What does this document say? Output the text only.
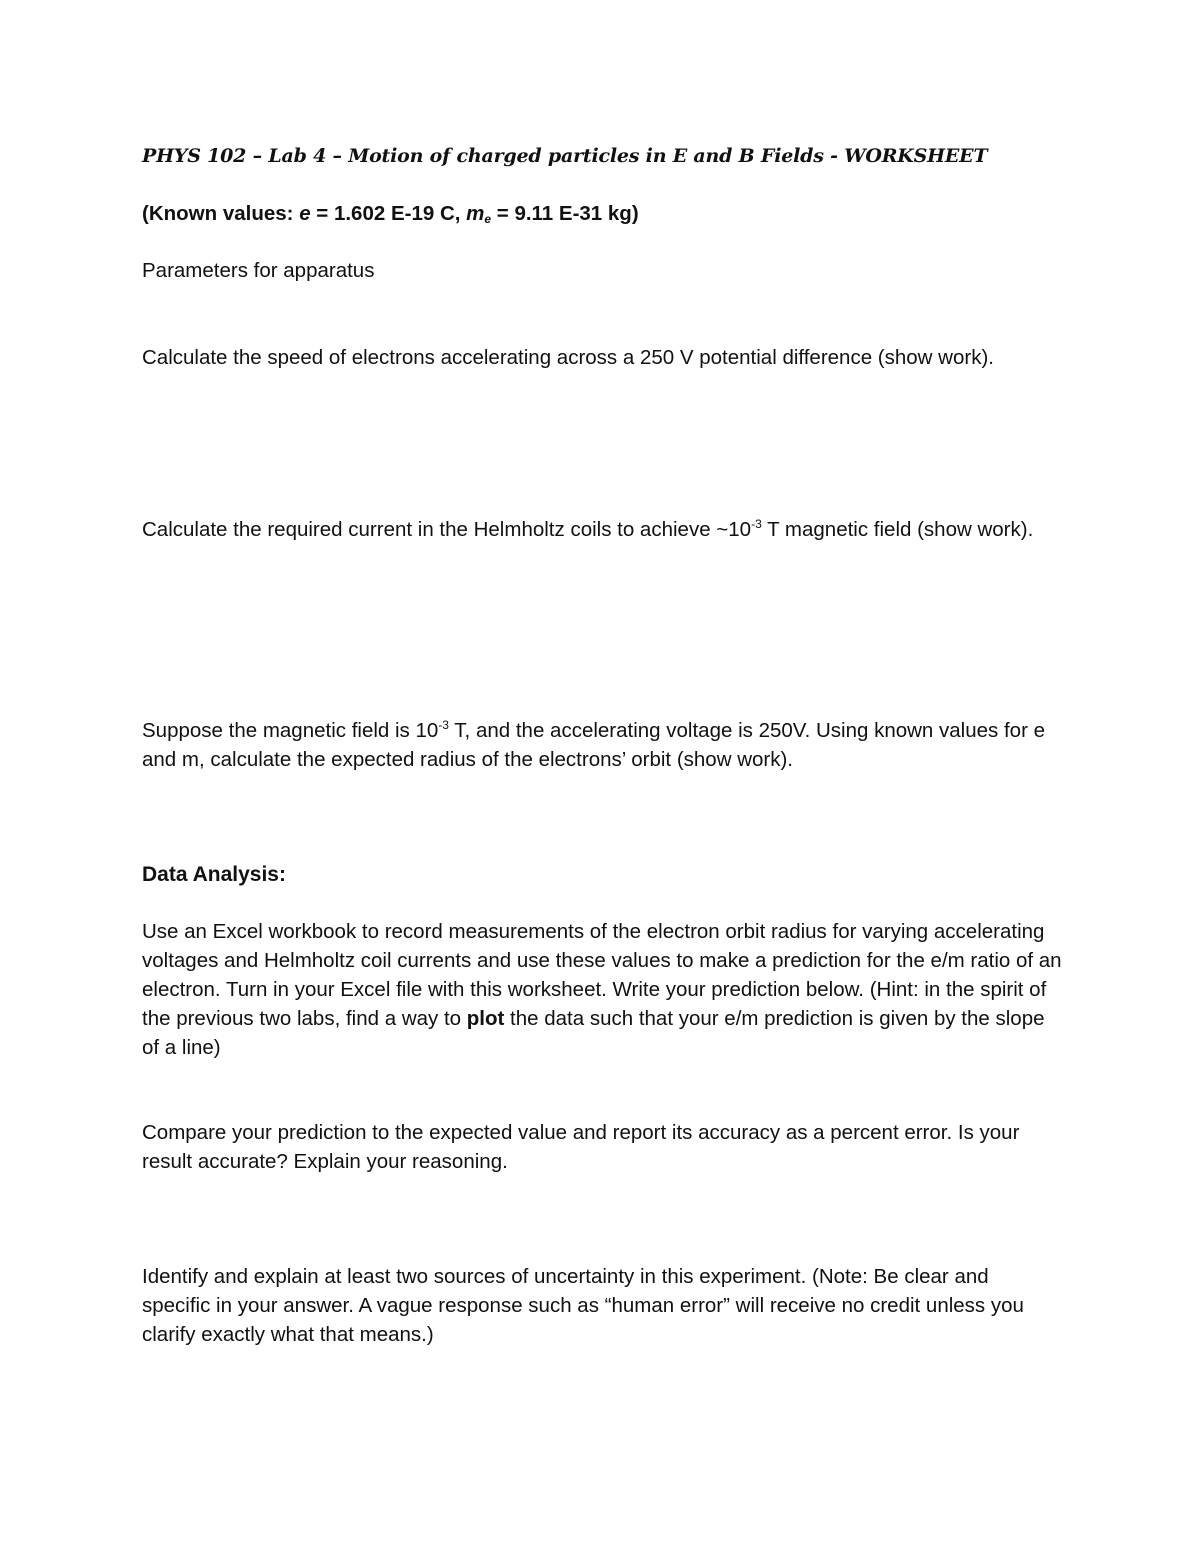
PHYS 102 – Lab 4 – Motion of charged particles in E and B Fields - WORKSHEET

(Known values: e = 1.602 E-19 C, $m_e = 9.11$ E-31 kg)

Parameters for apparatus

Calculate the speed of electrons accelerating across a 250 V potential difference (show work).

Calculate the required current in the Helmholtz coils to achieve $\sim 10^{-3}$ T magnetic field (show work).

Suppose the magnetic field is $10^{-3}$ T, and the accelerating voltage is 250V. Using known values for e and m, calculate the expected radius of the electrons’ orbit (show work).

Data Analysis:

Use an Excel workbook to record measurements of the electron orbit radius for varying accelerating voltages and Helmholtz coil currents and use these values to make a prediction for the e/m ratio of an electron. Turn in your Excel file with this worksheet. Write your prediction below. (Hint: in the spirit of the previous two labs, find a way to plot the data such that your e/m prediction is given by the slope of a line)

Compare your prediction to the expected value and report its accuracy as a percent error. Is your result accurate? Explain your reasoning.

Identify and explain at least two sources of uncertainty in this experiment. (Note: Be clear and specific in your answer. A vague response such as “human error” will receive no credit unless you clarify exactly what that means.)
